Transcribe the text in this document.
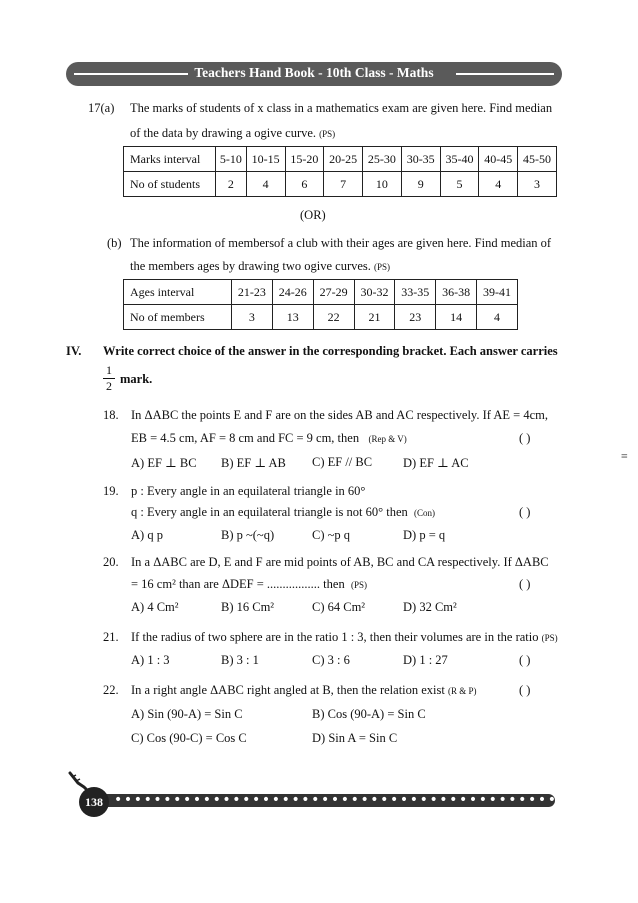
Teachers Hand Book - 10th Class - Maths
17(a) The marks of students of x class in a mathematics exam are given here. Find median
of the data by drawing a ogive curve. (PS)
Marks interval	5-10	10-15	15-20	20-25	25-30	30-35	35-40	40-45	45-50
No of students	2	4	6	7	10	9	5	4	3
(OR)
(b) The information of membersof a club with their ages are given here. Find median of
the members ages by drawing two ogive curves. (PS)
Ages interval	21-23	24-26	27-29	30-32	33-35	36-38	39-41
No of members	3	13	22	21	23	14	4
IV. Write correct choice of the answer in the corresponding bracket. Each answer carries
$\frac{1}{2}$ mark.
18. In ΔABC the points E and F are on the sides AB and AC respectively. If AE = 4cm,
EB = 4.5 cm, AF = 8 cm and FC = 9 cm, then (Rep & V)	( )
A) EF ⊥ BC B) EF ⊥ AB C) EF // BC D) EF ⊥ AC
19. p : Every angle in an equilateral triangle in 60°
q : Every angle in an equilateral triangle is not 60° then (Con)	( )
A) q p	B) p ~(~q)	C) ~p q	D) p = q
20. In a ΔABC are D, E and F are mid points of AB, BC and CA respectively. If ΔABC
= 16 cm² than are ΔDEF = ................. then (PS)	( )
A) 4 Cm²	B) 16 Cm²	C) 64 Cm²	D) 32 Cm²
21. If the radius of two sphere are in the ratio 1 : 3, then their volumes are in the ratio (PS)
A) 1 : 3	B) 3 : 1	C) 3 : 6	D) 1 : 27	( )
22. In a right angle ΔABC right angled at B, then the relation exist (R & P)	( )
A) Sin (90-A) = Sin C	B) Cos (90-A) = Sin C
C) Cos (90-C) = Cos C	D) Sin A = Sin C
≡
••••••••••••••••••••••••••••••••••••••••••••••••••
138
